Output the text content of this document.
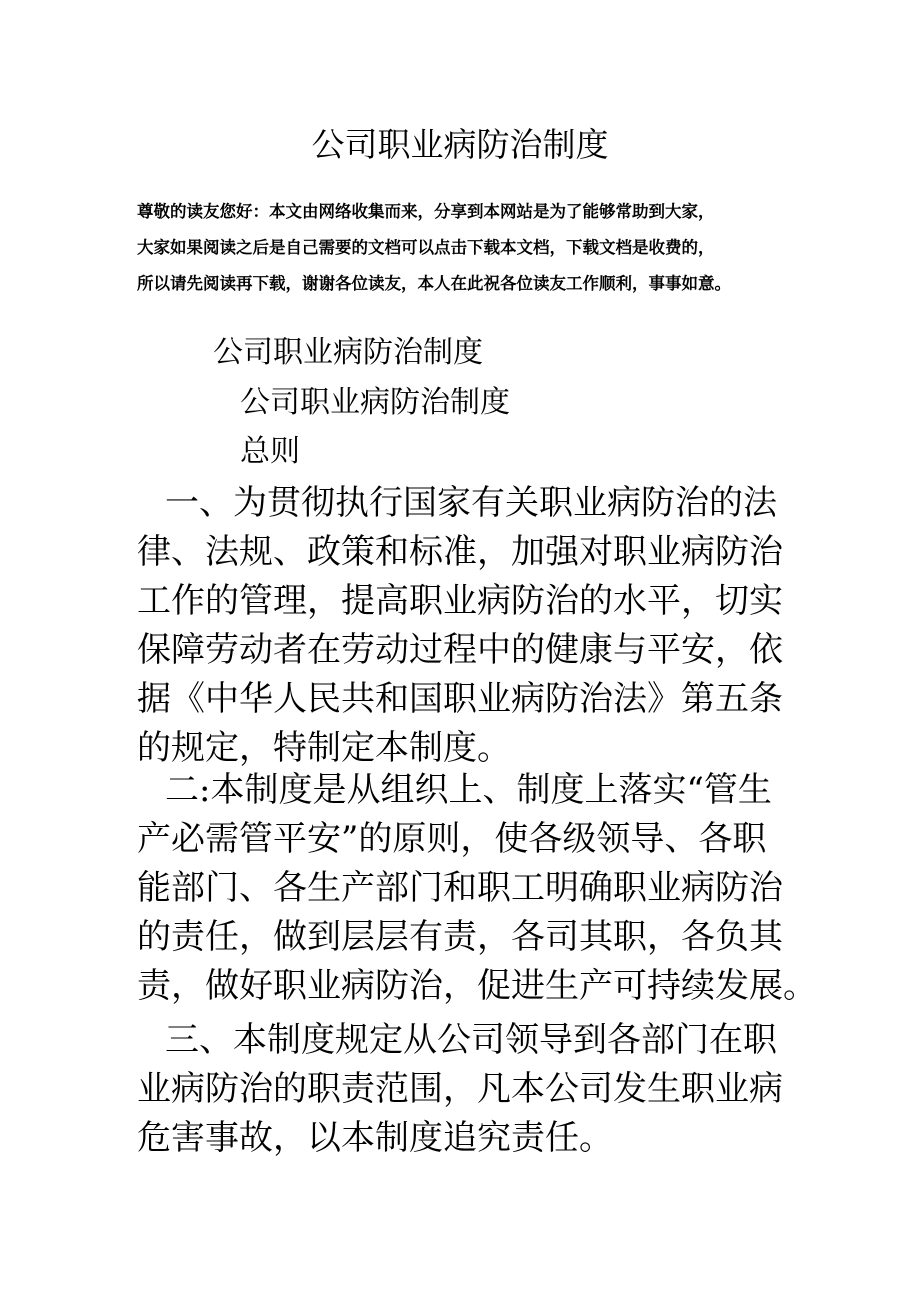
公司职业病防治制度
尊敬的读友您好：本文由网络收集而来，分享到本网站是为了能够常助到大家，
大家如果阅读之后是自己需要的文档可以点击下载本文档，下载文档是收费的，
所以请先阅读再下载，谢谢各位读友，本人在此祝各位读友工作顺利，事事如意。
公司职业病防治制度
公司职业病防治制度
总则
一、为贯彻执行国家有关职业病防治的法
律、法规、政策和标准，加强对职业病防治
工作的管理，提高职业病防治的水平，切实
保障劳动者在劳动过程中的健康与平安，依
据《中华人民共和国职业病防治法》第五条
的规定，特制定本制度。
二:本制度是从组织上、制度上落实“管生
产必需管平安”的原则，使各级领导、各职
能部门、各生产部门和职工明确职业病防治
的责任，做到层层有责，各司其职，各负其
责，做好职业病防治，促进生产可持续发展。
三、本制度规定从公司领导到各部门在职
业病防治的职责范围，凡本公司发生职业病
危害事故，以本制度追究责任。
